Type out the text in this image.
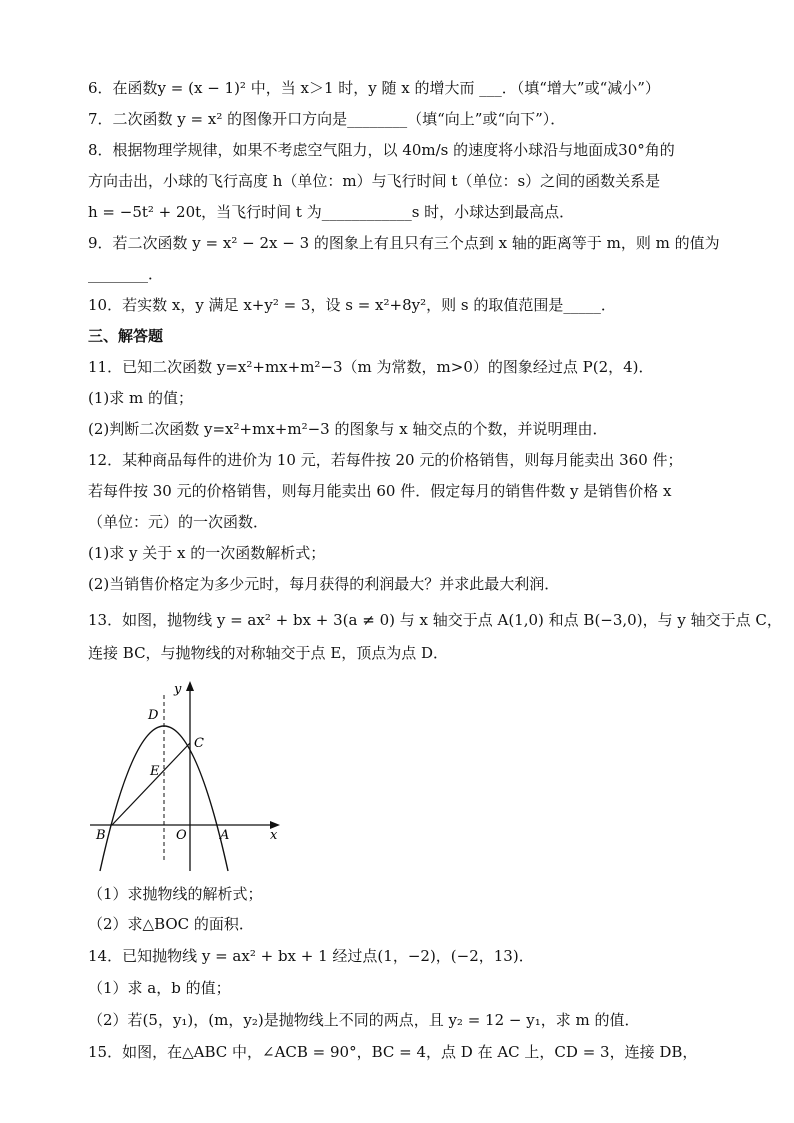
6．在函数y = (x − 1)² 中，当 x＞1 时，y 随 x 的增大而 ___．（填“增大”或“减小”）
7．二次函数 y = x² 的图像开口方向是________（填“向上”或“向下”）．
8．根据物理学规律，如果不考虑空气阻力，以 40m/s 的速度将小球沿与地面成30°角的
方向击出，小球的飞行高度 h（单位：m）与飞行时间 t（单位：s）之间的函数关系是
h = −5t² + 20t，当飞行时间 t 为____________s 时，小球达到最高点．
9．若二次函数 y = x² − 2x − 3 的图象上有且只有三个点到 x 轴的距离等于 m，则 m 的值为
________．
10．若实数 x，y 满足 x+y² = 3，设 s = x²+8y²，则 s 的取值范围是_____．
三、解答题
11．已知二次函数 y=x²+mx+m²−3（m 为常数，m>0）的图象经过点 P(2，4)．
(1)求 m 的值；
(2)判断二次函数 y=x²+mx+m²−3 的图象与 x 轴交点的个数，并说明理由．
12．某种商品每件的进价为 10 元，若每件按 20 元的价格销售，则每月能卖出 360 件；
若每件按 30 元的价格销售，则每月能卖出 60 件．假定每月的销售件数 y 是销售价格 x
（单位：元）的一次函数．
(1)求 y 关于 x 的一次函数解析式；
(2)当销售价格定为多少元时，每月获得的利润最大？并求此最大利润．
13．如图，抛物线 y = ax² + bx + 3(a ≠ 0) 与 x 轴交于点 A(1,0) 和点 B(−3,0)，与 y 轴交于点 C，
连接 BC，与抛物线的对称轴交于点 E，顶点为点 D．
y
x
D
C
E
B	O	A
（1）求抛物线的解析式；
（2）求△BOC 的面积．
14．已知抛物线 y = ax² + bx + 1 经过点(1，−2)，(−2，13)．
（1）求 a，b 的值；
（2）若(5，y₁)，(m，y₂)是抛物线上不同的两点，且 y₂ = 12 − y₁，求 m 的值．
15．如图，在△ABC 中，∠ACB = 90°，BC = 4，点 D 在 AC 上，CD = 3，连接 DB，
